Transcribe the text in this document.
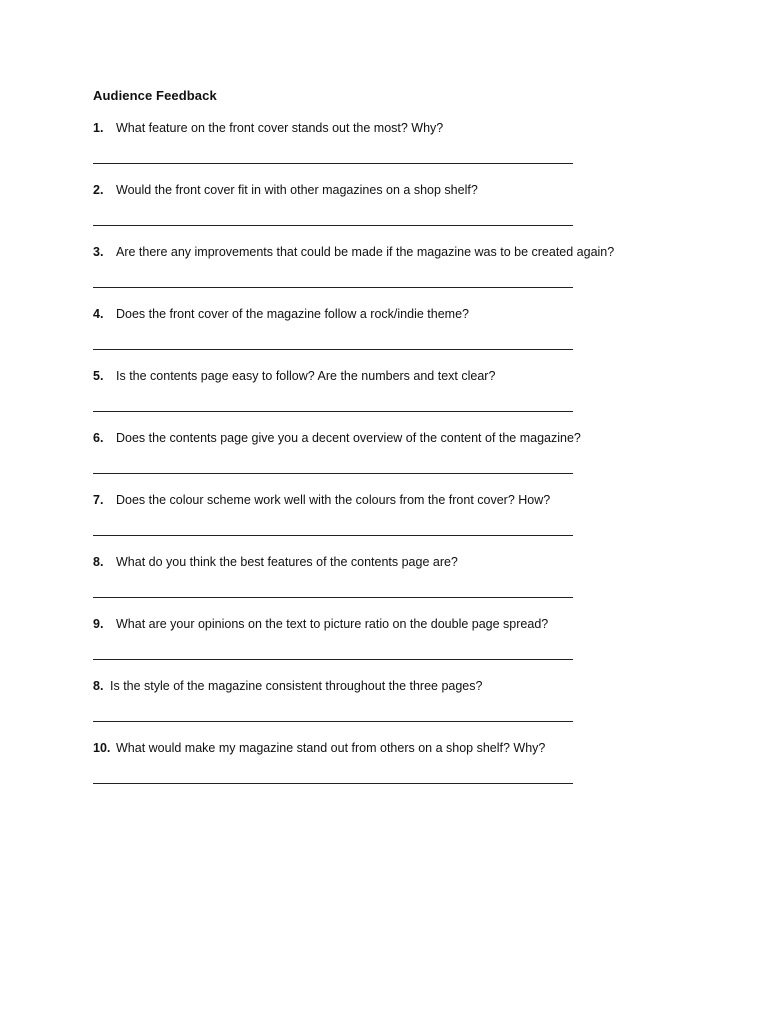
Audience Feedback
1.	What feature on the front cover stands out the most? Why?
2.	Would the front cover fit in with other magazines on a shop shelf?
3.	Are there any improvements that could be made if the magazine was to be created again?
4.	Does the front cover of the magazine follow a rock/indie theme?
5.	Is the contents page easy to follow? Are the numbers and text clear?
6.	Does the contents page give you a decent overview of the content of the magazine?
7.	Does the colour scheme work well with the colours from the front cover? How?
8.	What do you think the best features of the contents page are?
9.	What are your opinions on the text to picture ratio on the double page spread?
8. Is the style of the magazine consistent throughout the three pages?
10. What would make my magazine stand out from others on a shop shelf? Why?
